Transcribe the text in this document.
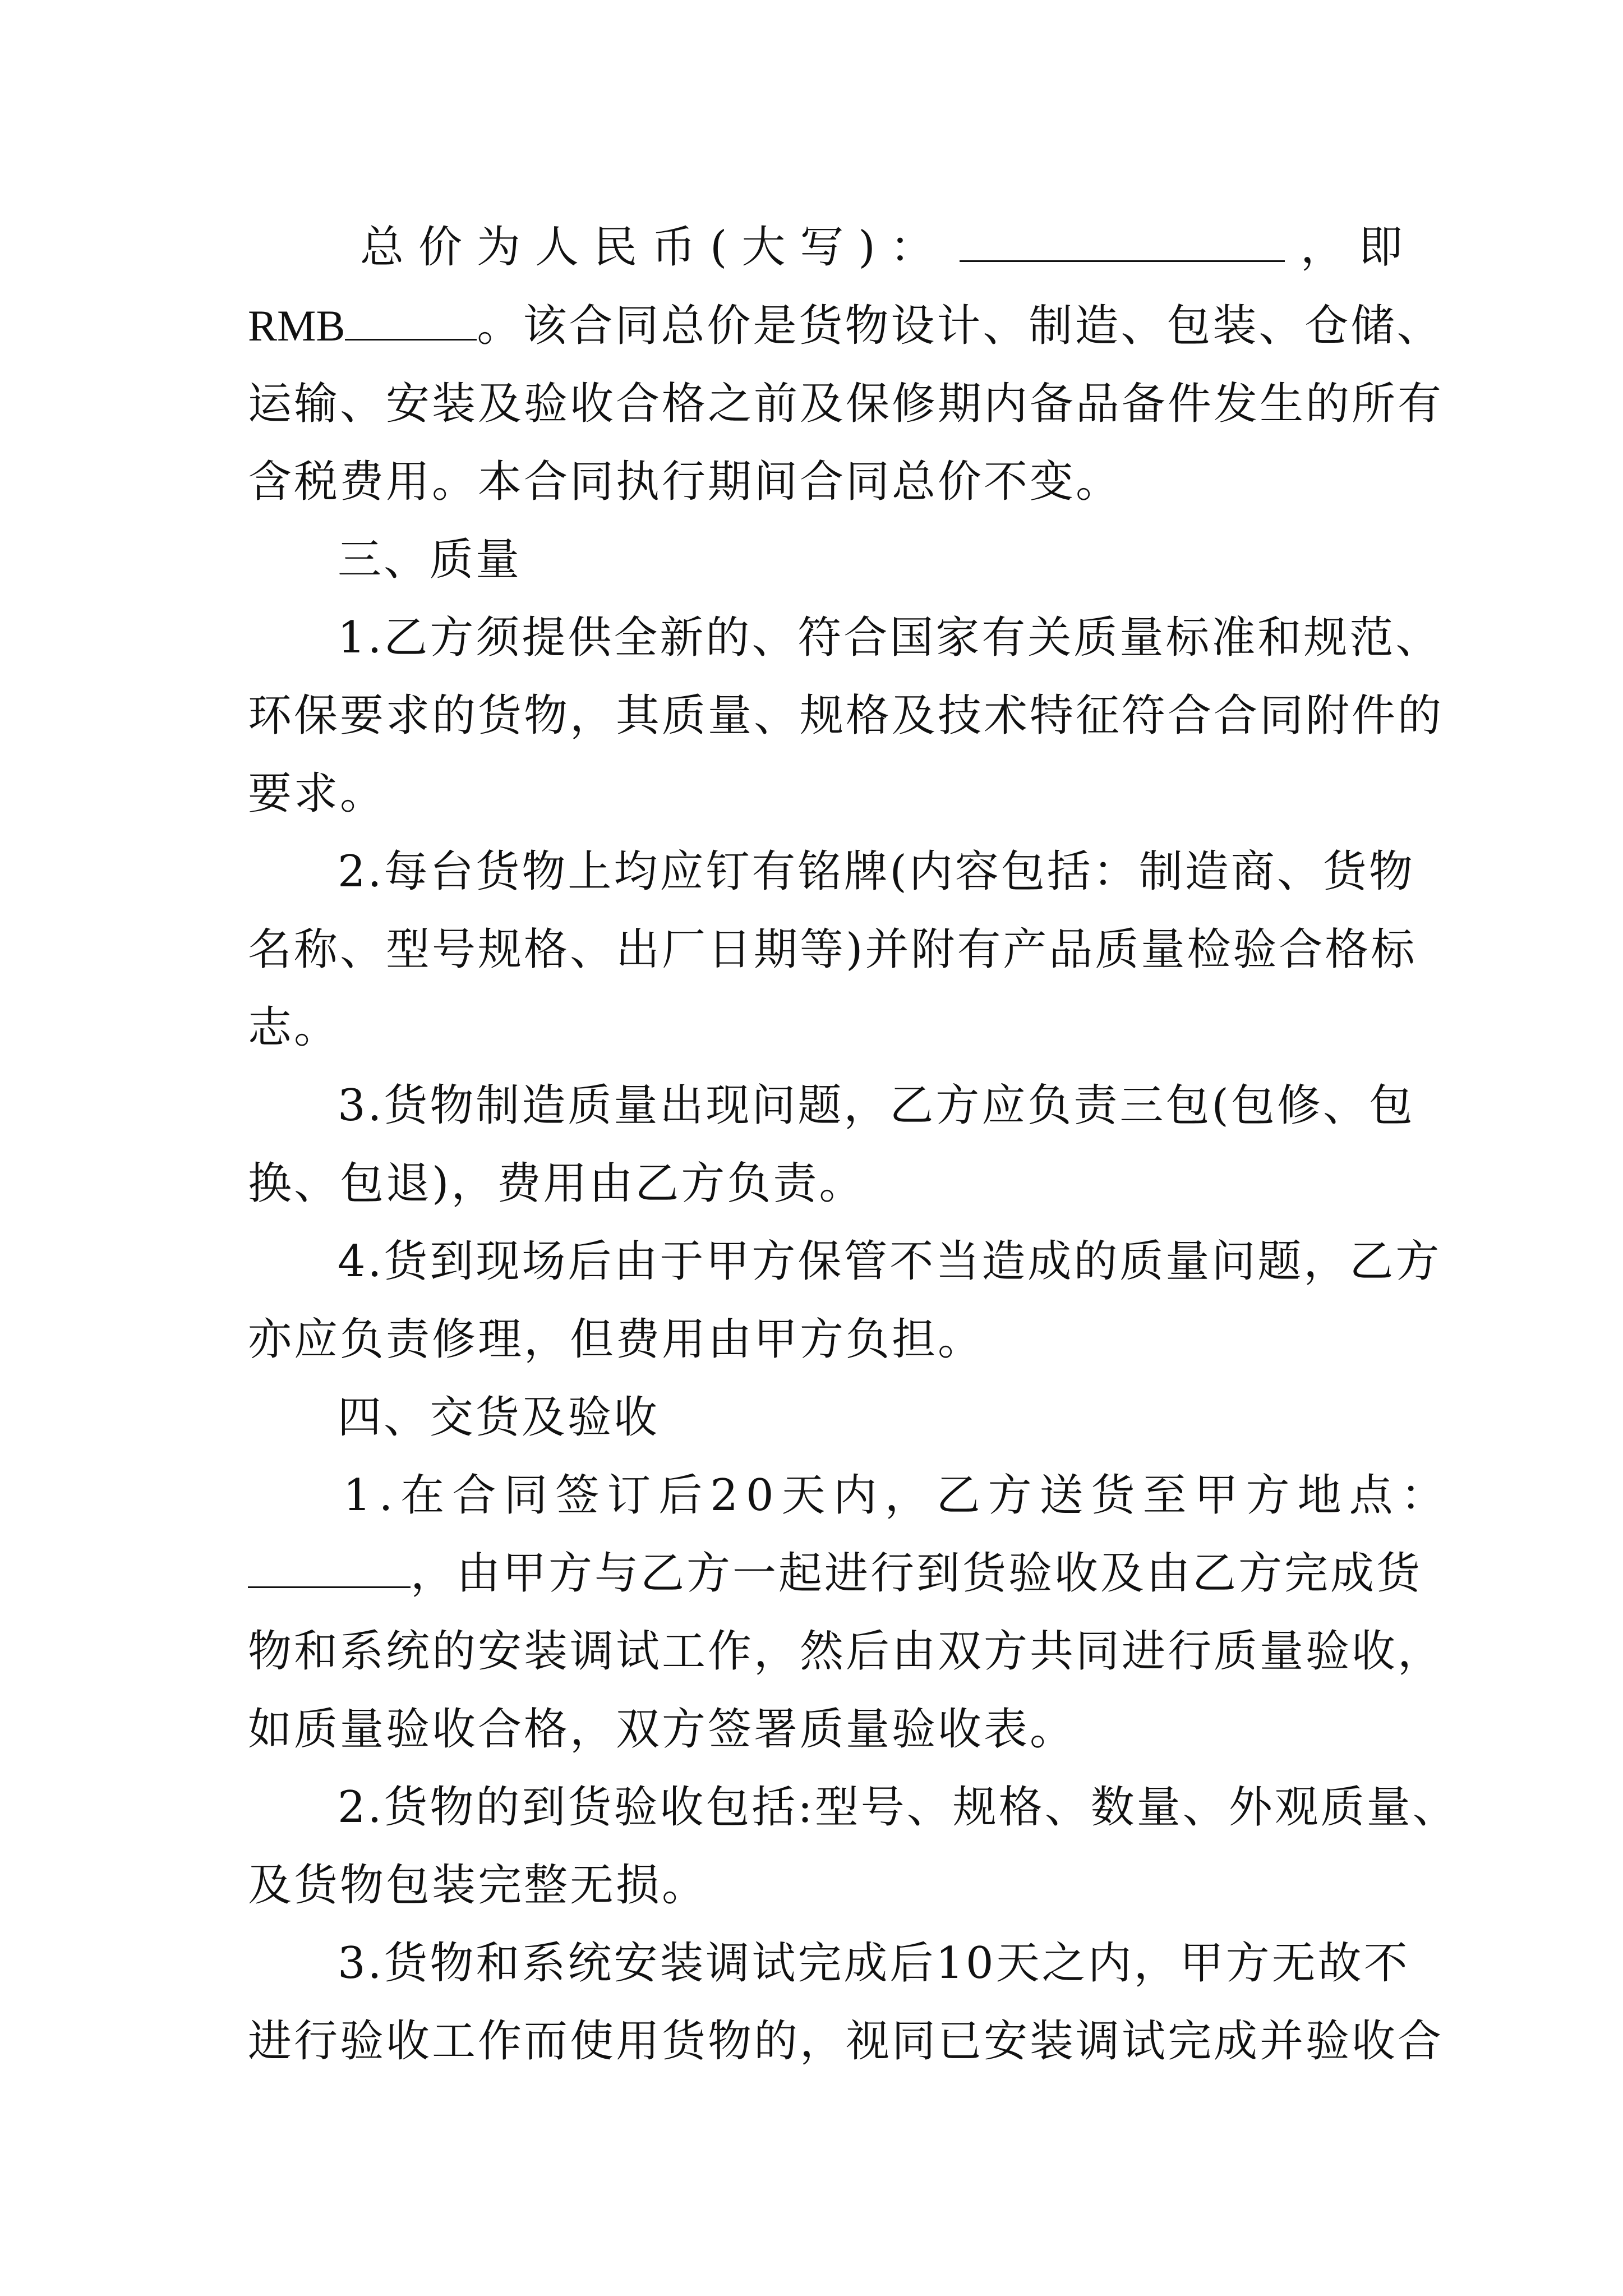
总价为人民币(大写)：	，即
RMB	。该合同总价是货物设计、制造、包装、仓储、
运输、安装及验收合格之前及保修期内备品备件发生的所有
含税费用。本合同执行期间合同总价不变。
三、质量
1.乙方须提供全新的、符合国家有关质量标准和规范、
环保要求的货物，其质量、规格及技术特征符合合同附件的
要求。
2.每台货物上均应钉有铭牌(内容包括：制造商、货物
名称、型号规格、出厂日期等)并附有产品质量检验合格标
志。
3.货物制造质量出现问题，乙方应负责三包(包修、包
换、包退)，费用由乙方负责。
4.货到现场后由于甲方保管不当造成的质量问题，乙方
亦应负责修理，但费用由甲方负担。
四、交货及验收
1.在合同签订后20天内，乙方送货至甲方地点：
，由甲方与乙方一起进行到货验收及由乙方完成货
物和系统的安装调试工作，然后由双方共同进行质量验收，
如质量验收合格，双方签署质量验收表。
2.货物的到货验收包括:型号、规格、数量、外观质量、
及货物包装完整无损。
3.货物和系统安装调试完成后10天之内，甲方无故不
进行验收工作而使用货物的，视同已安装调试完成并验收合
